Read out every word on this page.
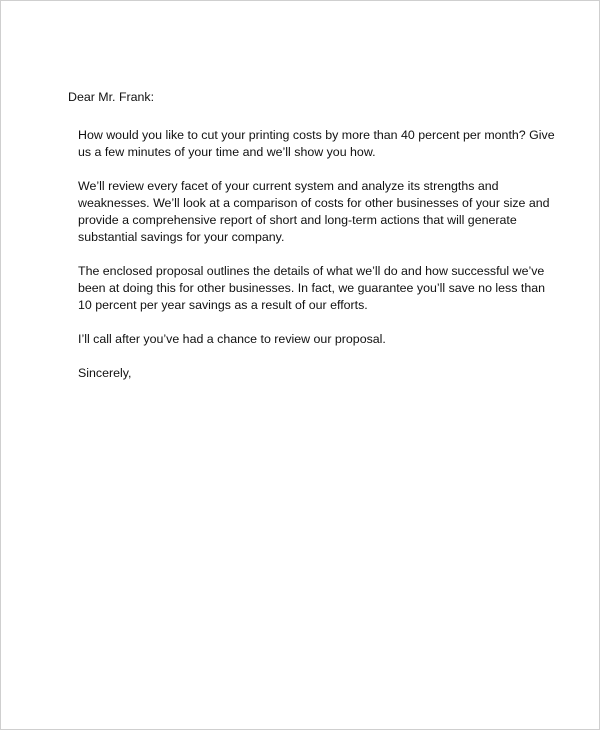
Dear Mr. Frank:

How would you like to cut your printing costs by more than 40 percent per month? Give
us a few minutes of your time and we’ll show you how.

We’ll review every facet of your current system and analyze its strengths and
weaknesses. We’ll look at a comparison of costs for other businesses of your size and
provide a comprehensive report of short and long-term actions that will generate
substantial savings for your company.

The enclosed proposal outlines the details of what we’ll do and how successful we’ve
been at doing this for other businesses. In fact, we guarantee you’ll save no less than
10 percent per year savings as a result of our efforts.

I’ll call after you’ve had a chance to review our proposal.

Sincerely,
